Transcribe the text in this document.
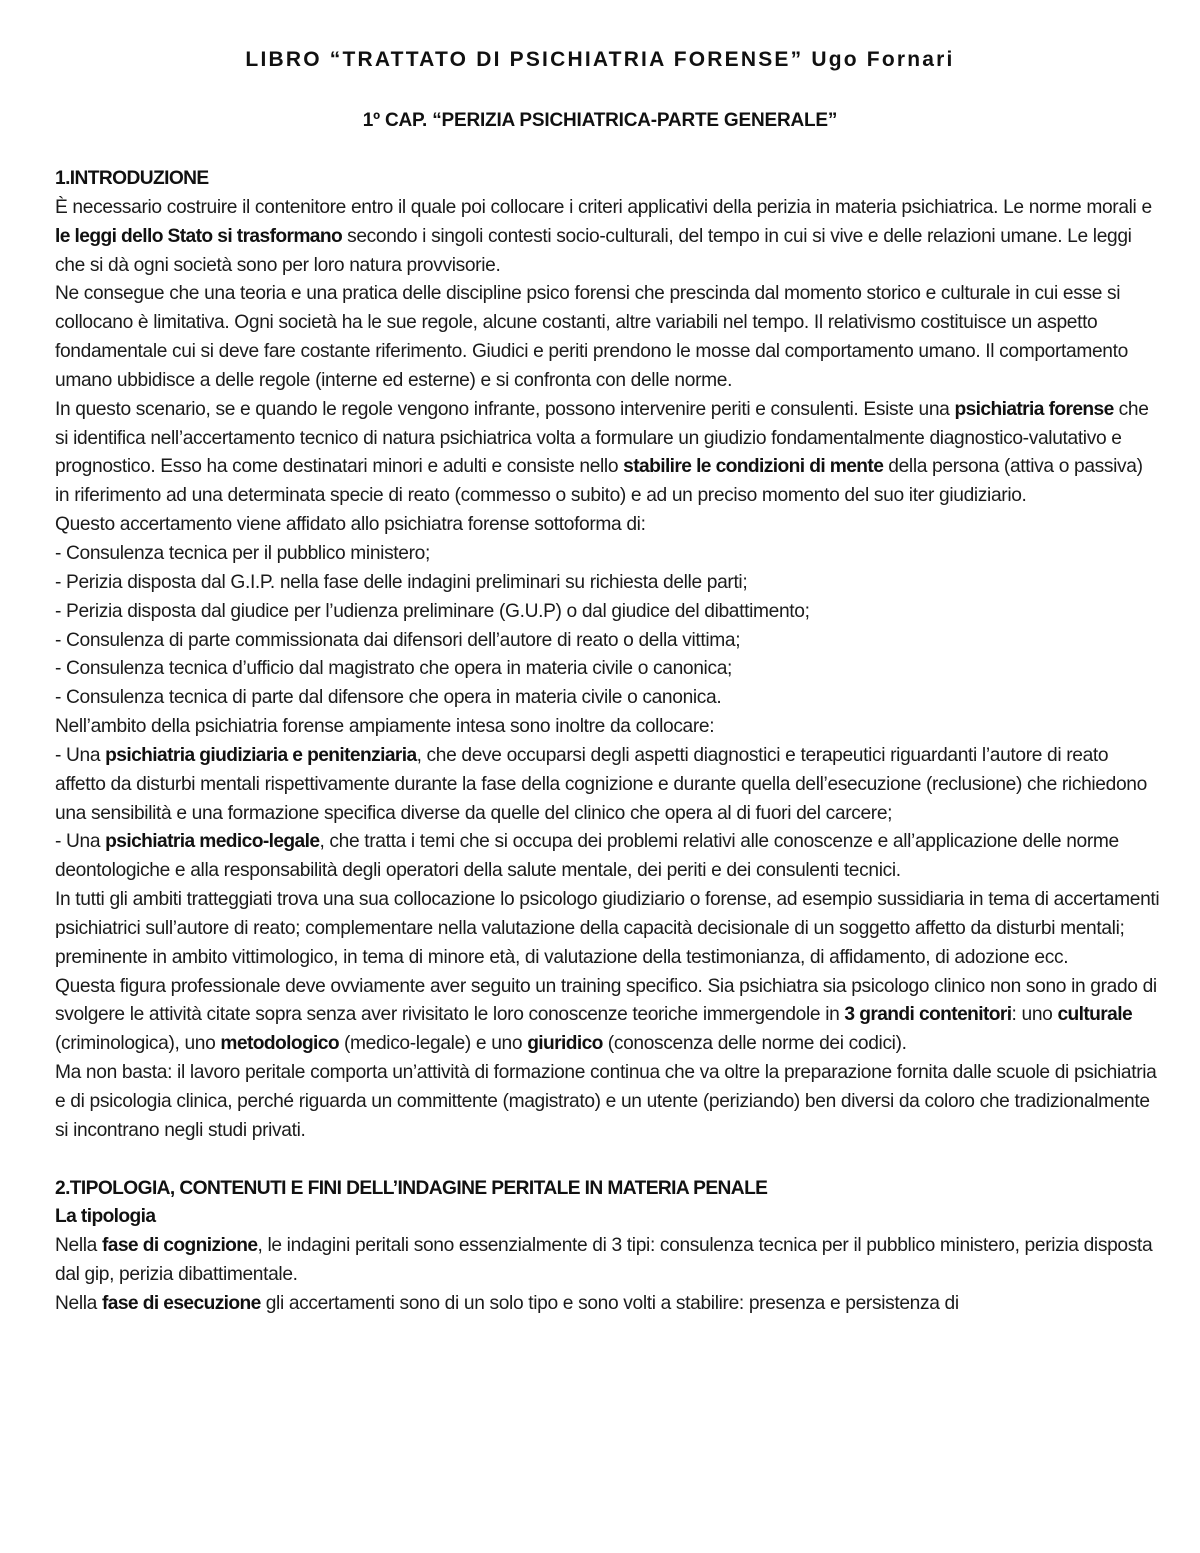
LIBRO “TRATTATO DI PSICHIATRIA FORENSE” Ugo Fornari
1º CAP. “PERIZIA PSICHIATRICA-PARTE GENERALE”

1.INTRODUZIONE

È necessario costruire il contenitore entro il quale poi collocare i criteri applicativi della perizia in materia psichiatrica. Le norme morali e le leggi dello Stato si trasformano secondo i singoli contesti socio-culturali, del tempo in cui si vive e delle relazioni umane. Le leggi che si dà ogni società sono per loro natura provvisorie.

Ne consegue che una teoria e una pratica delle discipline psico forensi che prescinda dal momento storico e culturale in cui esse si collocano è limitativa. Ogni società ha le sue regole, alcune costanti, altre variabili nel tempo. Il relativismo costituisce un aspetto fondamentale cui si deve fare costante riferimento. Giudici e periti prendono le mosse dal comportamento umano. Il comportamento umano ubbidisce a delle regole (interne ed esterne) e si confronta con delle norme.

In questo scenario, se e quando le regole vengono infrante, possono intervenire periti e consulenti. Esiste una psichiatria forense che si identifica nell’accertamento tecnico di natura psichiatrica volta a formulare un giudizio fondamentalmente diagnostico-valutativo e prognostico. Esso ha come destinatari minori e adulti e consiste nello stabilire le condizioni di mente della persona (attiva o passiva) in riferimento ad una determinata specie di reato (commesso o subito) e ad un preciso momento del suo iter giudiziario.

Questo accertamento viene affidato allo psichiatra forense sottoforma di:

- Consulenza tecnica per il pubblico ministero;

- Perizia disposta dal G.I.P. nella fase delle indagini preliminari su richiesta delle parti;

- Perizia disposta dal giudice per l’udienza preliminare (G.U.P) o dal giudice del dibattimento;

- Consulenza di parte commissionata dai difensori dell’autore di reato o della vittima;

- Consulenza tecnica d’ufficio dal magistrato che opera in materia civile o canonica;

- Consulenza tecnica di parte dal difensore che opera in materia civile o canonica.

Nell’ambito della psichiatria forense ampiamente intesa sono inoltre da collocare:

- Una psichiatria giudiziaria e penitenziaria, che deve occuparsi degli aspetti diagnostici e terapeutici riguardanti l’autore di reato affetto da disturbi mentali rispettivamente durante la fase della cognizione e durante quella dell’esecuzione (reclusione) che richiedono una sensibilità e una formazione specifica diverse da quelle del clinico che opera al di fuori del carcere;

- Una psichiatria medico-legale, che tratta i temi che si occupa dei problemi relativi alle conoscenze e all’applicazione delle norme deontologiche e alla responsabilità degli operatori della salute mentale, dei periti e dei consulenti tecnici.

In tutti gli ambiti tratteggiati trova una sua collocazione lo psicologo giudiziario o forense, ad esempio sussidiaria in tema di accertamenti psichiatrici sull’autore di reato; complementare nella valutazione della capacità decisionale di un soggetto affetto da disturbi mentali; preminente in ambito vittimologico, in tema di minore età, di valutazione della testimonianza, di affidamento, di adozione ecc.

Questa figura professionale deve ovviamente aver seguito un training specifico. Sia psichiatra sia psicologo clinico non sono in grado di svolgere le attività citate sopra senza aver rivisitato le loro conoscenze teoriche immergendole in 3 grandi contenitori: uno culturale (criminologica), uno metodologico (medico-legale) e uno giuridico (conoscenza delle norme dei codici).

Ma non basta: il lavoro peritale comporta un’attività di formazione continua che va oltre la preparazione fornita dalle scuole di psichiatria e di psicologia clinica, perché riguarda un committente (magistrato) e un utente (periziando) ben diversi da coloro che tradizionalmente si incontrano negli studi privati.

2.TIPOLOGIA, CONTENUTI E FINI DELL’INDAGINE PERITALE IN MATERIA PENALE

La tipologia

Nella fase di cognizione, le indagini peritali sono essenzialmente di 3 tipi: consulenza tecnica per il pubblico ministero, perizia disposta dal gip, perizia dibattimentale.

Nella fase di esecuzione gli accertamenti sono di un solo tipo e sono volti a stabilire: presenza e persistenza di
